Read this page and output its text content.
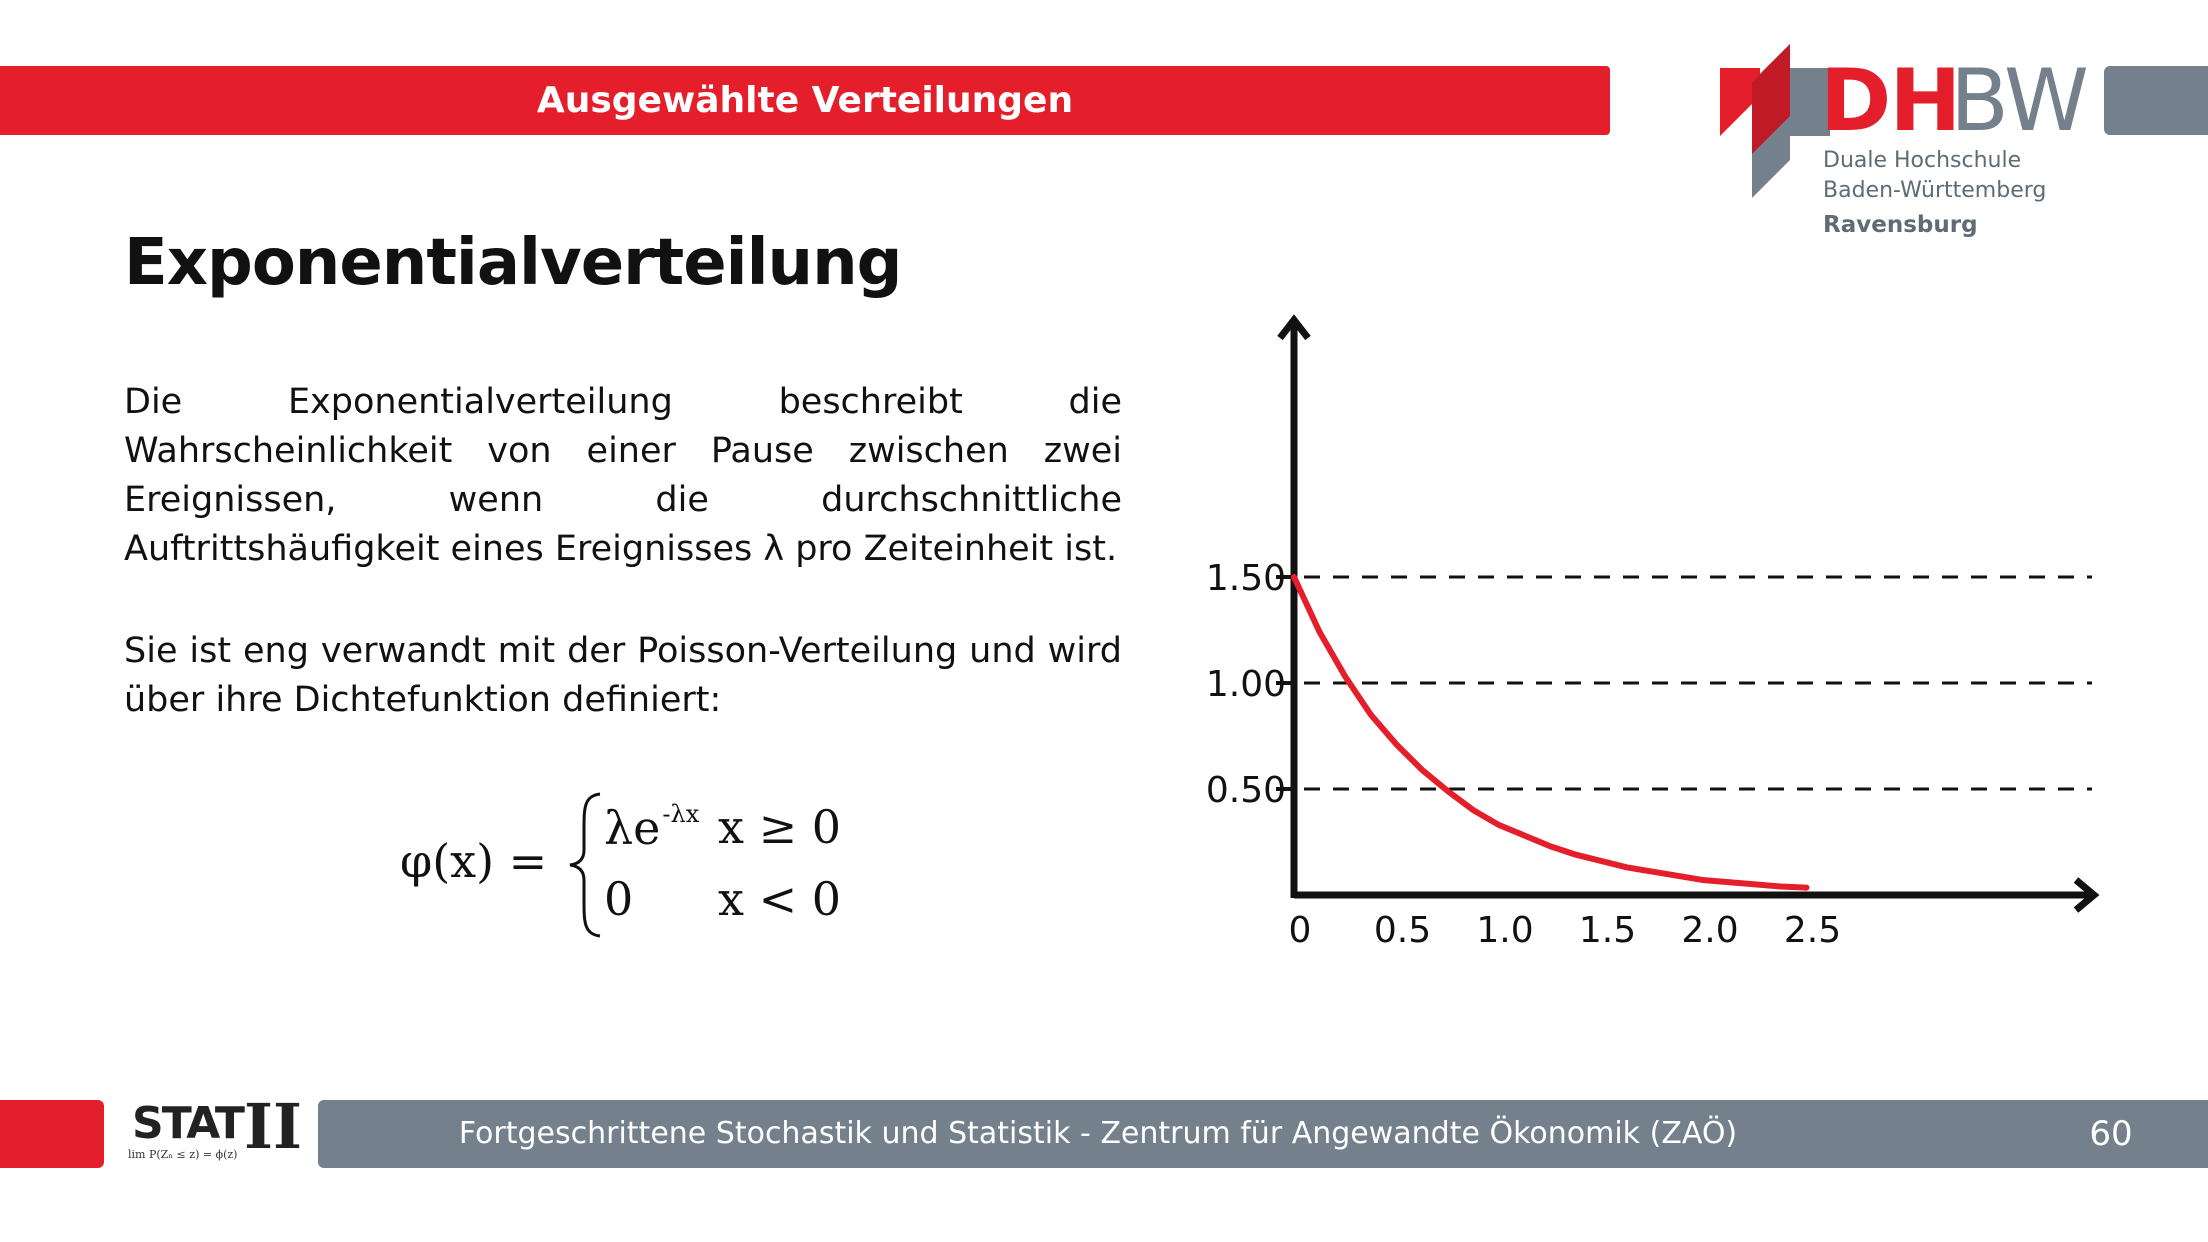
Ausgewählte Verteilungen	DH
BW
Duale Hochschule
Baden-Württemberg
Ravensburg
Exponentialverteilung
Die Exponentialverteilung beschreibt die Wahrscheinlichkeit von einer Pause zwischen zwei Ereignissen, wenn die durchschnittliche Auftrittshäufigkeit eines Ereignisses λ pro Zeiteinheit ist.
Sie ist eng verwandt mit der Poisson-Verteilung und wird über ihre Dichtefunktion definiert:
φ(x) =
$\lambda e^{-\lambda x}$ x ≥ 0
0 x < 0
0 0.5 1.0 1.5 2.0 2.5
0.50
1.00
1.50
STAT II
lim P(Zₙ ≤ z) = ϕ(z)
Fortgeschrittene Stochastik und Statistik - Zentrum für Angewandte Ökonomik (ZAÖ)	60
